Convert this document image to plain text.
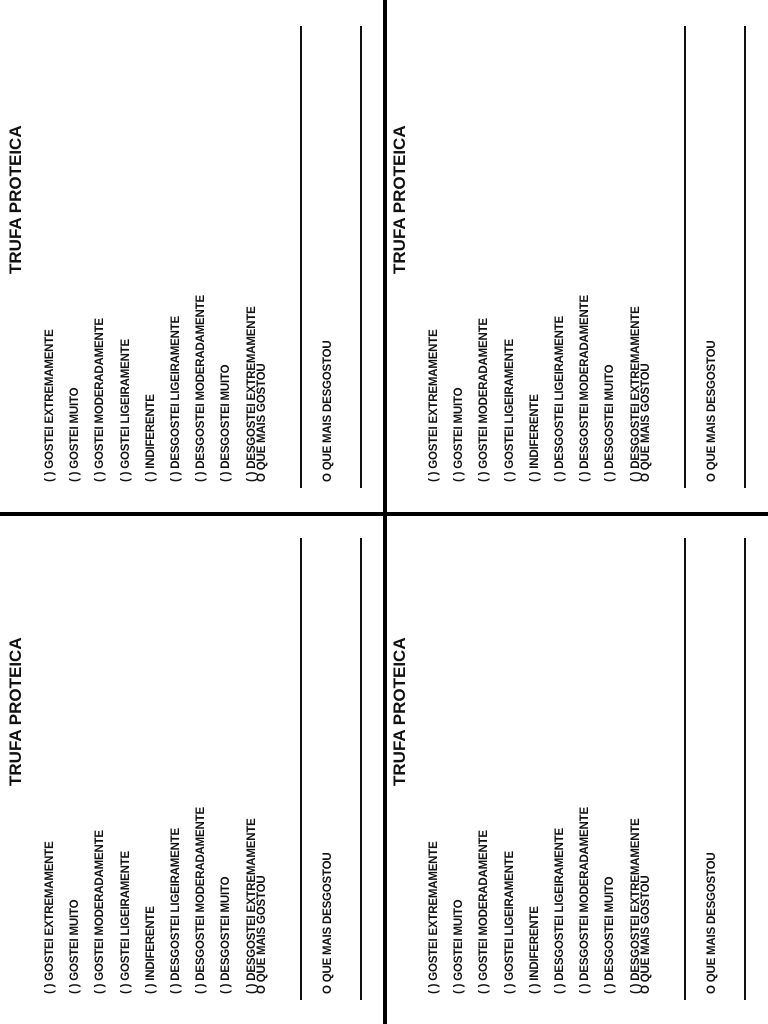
TRUFA PROTEICA
( ) GOSTEI EXTREMAMENTE	( ) GOSTEI MUITO	( ) GOSTEI MODERADAMENTE	( ) GOSTEI LIGEIRAMENTE	( ) INDIFERENTE	( ) DESGOSTEI LIGEIRAMENTE	( ) DESGOSTEI MODERADAMENTE	( ) DESGOSTEI MUITO	( ) DESGOSTEI EXTREMAMENTE
O QUE MAIS GOSTOU	O QUE MAIS DESGOSTOU
TRUFA PROTEICA
( ) GOSTEI EXTREMAMENTE	( ) GOSTEI MUITO	( ) GOSTEI MODERADAMENTE	( ) GOSTEI LIGEIRAMENTE	( ) INDIFERENTE	( ) DESGOSTEI LIGEIRAMENTE	( ) DESGOSTEI MODERADAMENTE	( ) DESGOSTEI MUITO	( ) DESGOSTEI EXTREMAMENTE
O QUE MAIS GOSTOU	O QUE MAIS DESGOSTOU
TRUFA PROTEICA
( ) GOSTEI EXTREMAMENTE	( ) GOSTEI MUITO	( ) GOSTEI MODERADAMENTE	( ) GOSTEI LIGEIRAMENTE	( ) INDIFERENTE	( ) DESGOSTEI LIGEIRAMENTE	( ) DESGOSTEI MODERADAMENTE	( ) DESGOSTEI MUITO	( ) DESGOSTEI EXTREMAMENTE
O QUE MAIS GOSTOU	O QUE MAIS DESGOSTOU
TRUFA PROTEICA
( ) GOSTEI EXTREMAMENTE	( ) GOSTEI MUITO	( ) GOSTEI MODERADAMENTE	( ) GOSTEI LIGEIRAMENTE	( ) INDIFERENTE	( ) DESGOSTEI LIGEIRAMENTE	( ) DESGOSTEI MODERADAMENTE	( ) DESGOSTEI MUITO	( ) DESGOSTEI EXTREMAMENTE
O QUE MAIS GOSTOU	O QUE MAIS DESGOSTOU
